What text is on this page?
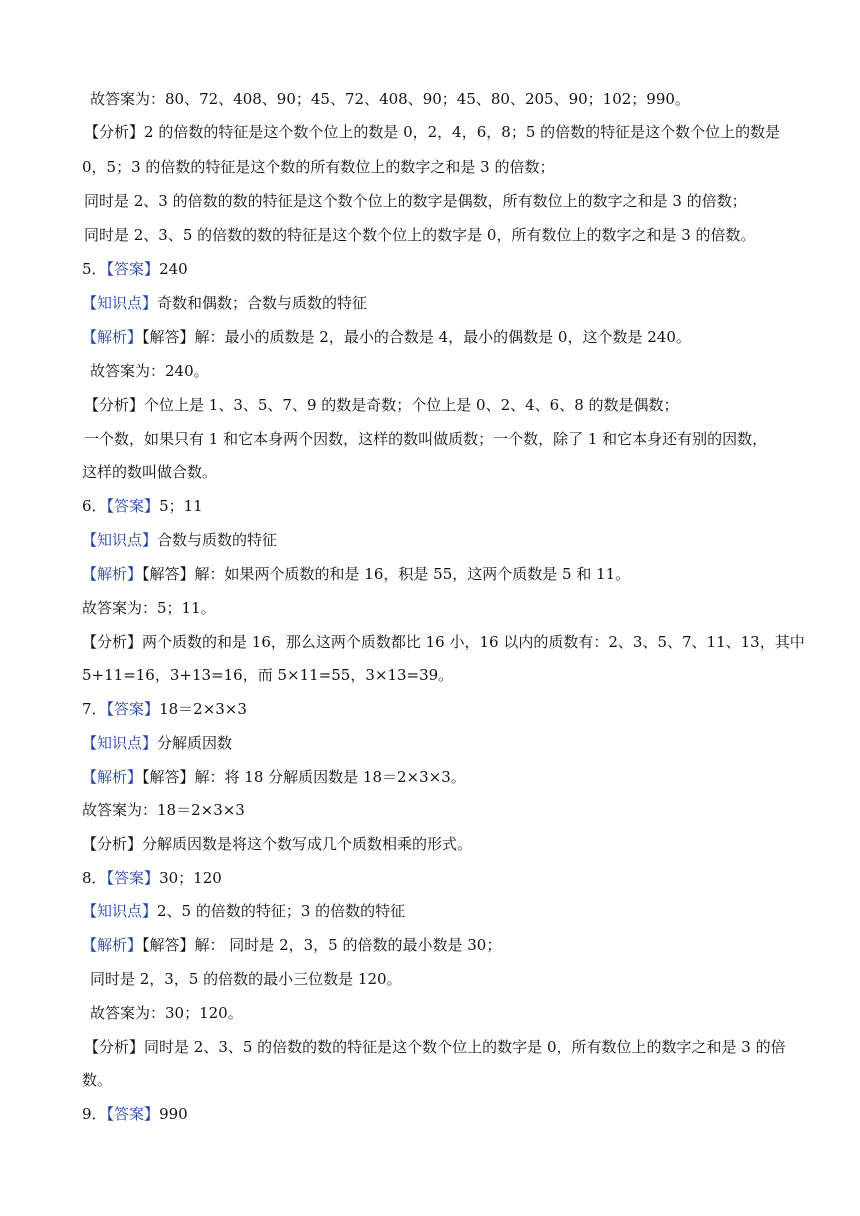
故答案为：80、72、408、90；45、72、408、90；45、80、205、90；102；990。
【分析】2 的倍数的特征是这个数个位上的数是 0，2，4，6，8；5 的倍数的特征是这个数个位上的数是
0，5；3 的倍数的特征是这个数的所有数位上的数字之和是 3 的倍数；
同时是 2、3 的倍数的数的特征是这个数个位上的数字是偶数，所有数位上的数字之和是 3 的倍数；
同时是 2、3、5 的倍数的数的特征是这个数个位上的数字是 0，所有数位上的数字之和是 3 的倍数。
5．【答案】240
【知识点】奇数和偶数；合数与质数的特征
【解析】【解答】解：最小的质数是 2，最小的合数是 4，最小的偶数是 0，这个数是 240。
故答案为：240。
【分析】个位上是 1、3、5、7、9 的数是奇数；个位上是 0、2、4、6、8 的数是偶数；
一个数，如果只有 1 和它本身两个因数，这样的数叫做质数；一个数，除了 1 和它本身还有别的因数，
这样的数叫做合数。
6．【答案】5；11
【知识点】合数与质数的特征
【解析】【解答】解：如果两个质数的和是 16，积是 55，这两个质数是 5 和 11。
故答案为：5；11。
【分析】两个质数的和是 16，那么这两个质数都比 16 小，16 以内的质数有：2、3、5、7、11、13，其中
5+11=16，3+13=16，而 5×11=55，3×13=39。
7．【答案】18＝2×3×3
【知识点】分解质因数
【解析】【解答】解：将 18 分解质因数是 18＝2×3×3。
故答案为：18＝2×3×3
【分析】分解质因数是将这个数写成几个质数相乘的形式。
8．【答案】30；120
【知识点】2、5 的倍数的特征；3 的倍数的特征
【解析】【解答】解： 同时是 2，3，5 的倍数的最小数是 30；
同时是 2，3，5 的倍数的最小三位数是 120。
故答案为：30；120。
【分析】同时是 2、3、5 的倍数的数的特征是这个数个位上的数字是 0，所有数位上的数字之和是 3 的倍
数。
9．【答案】990
